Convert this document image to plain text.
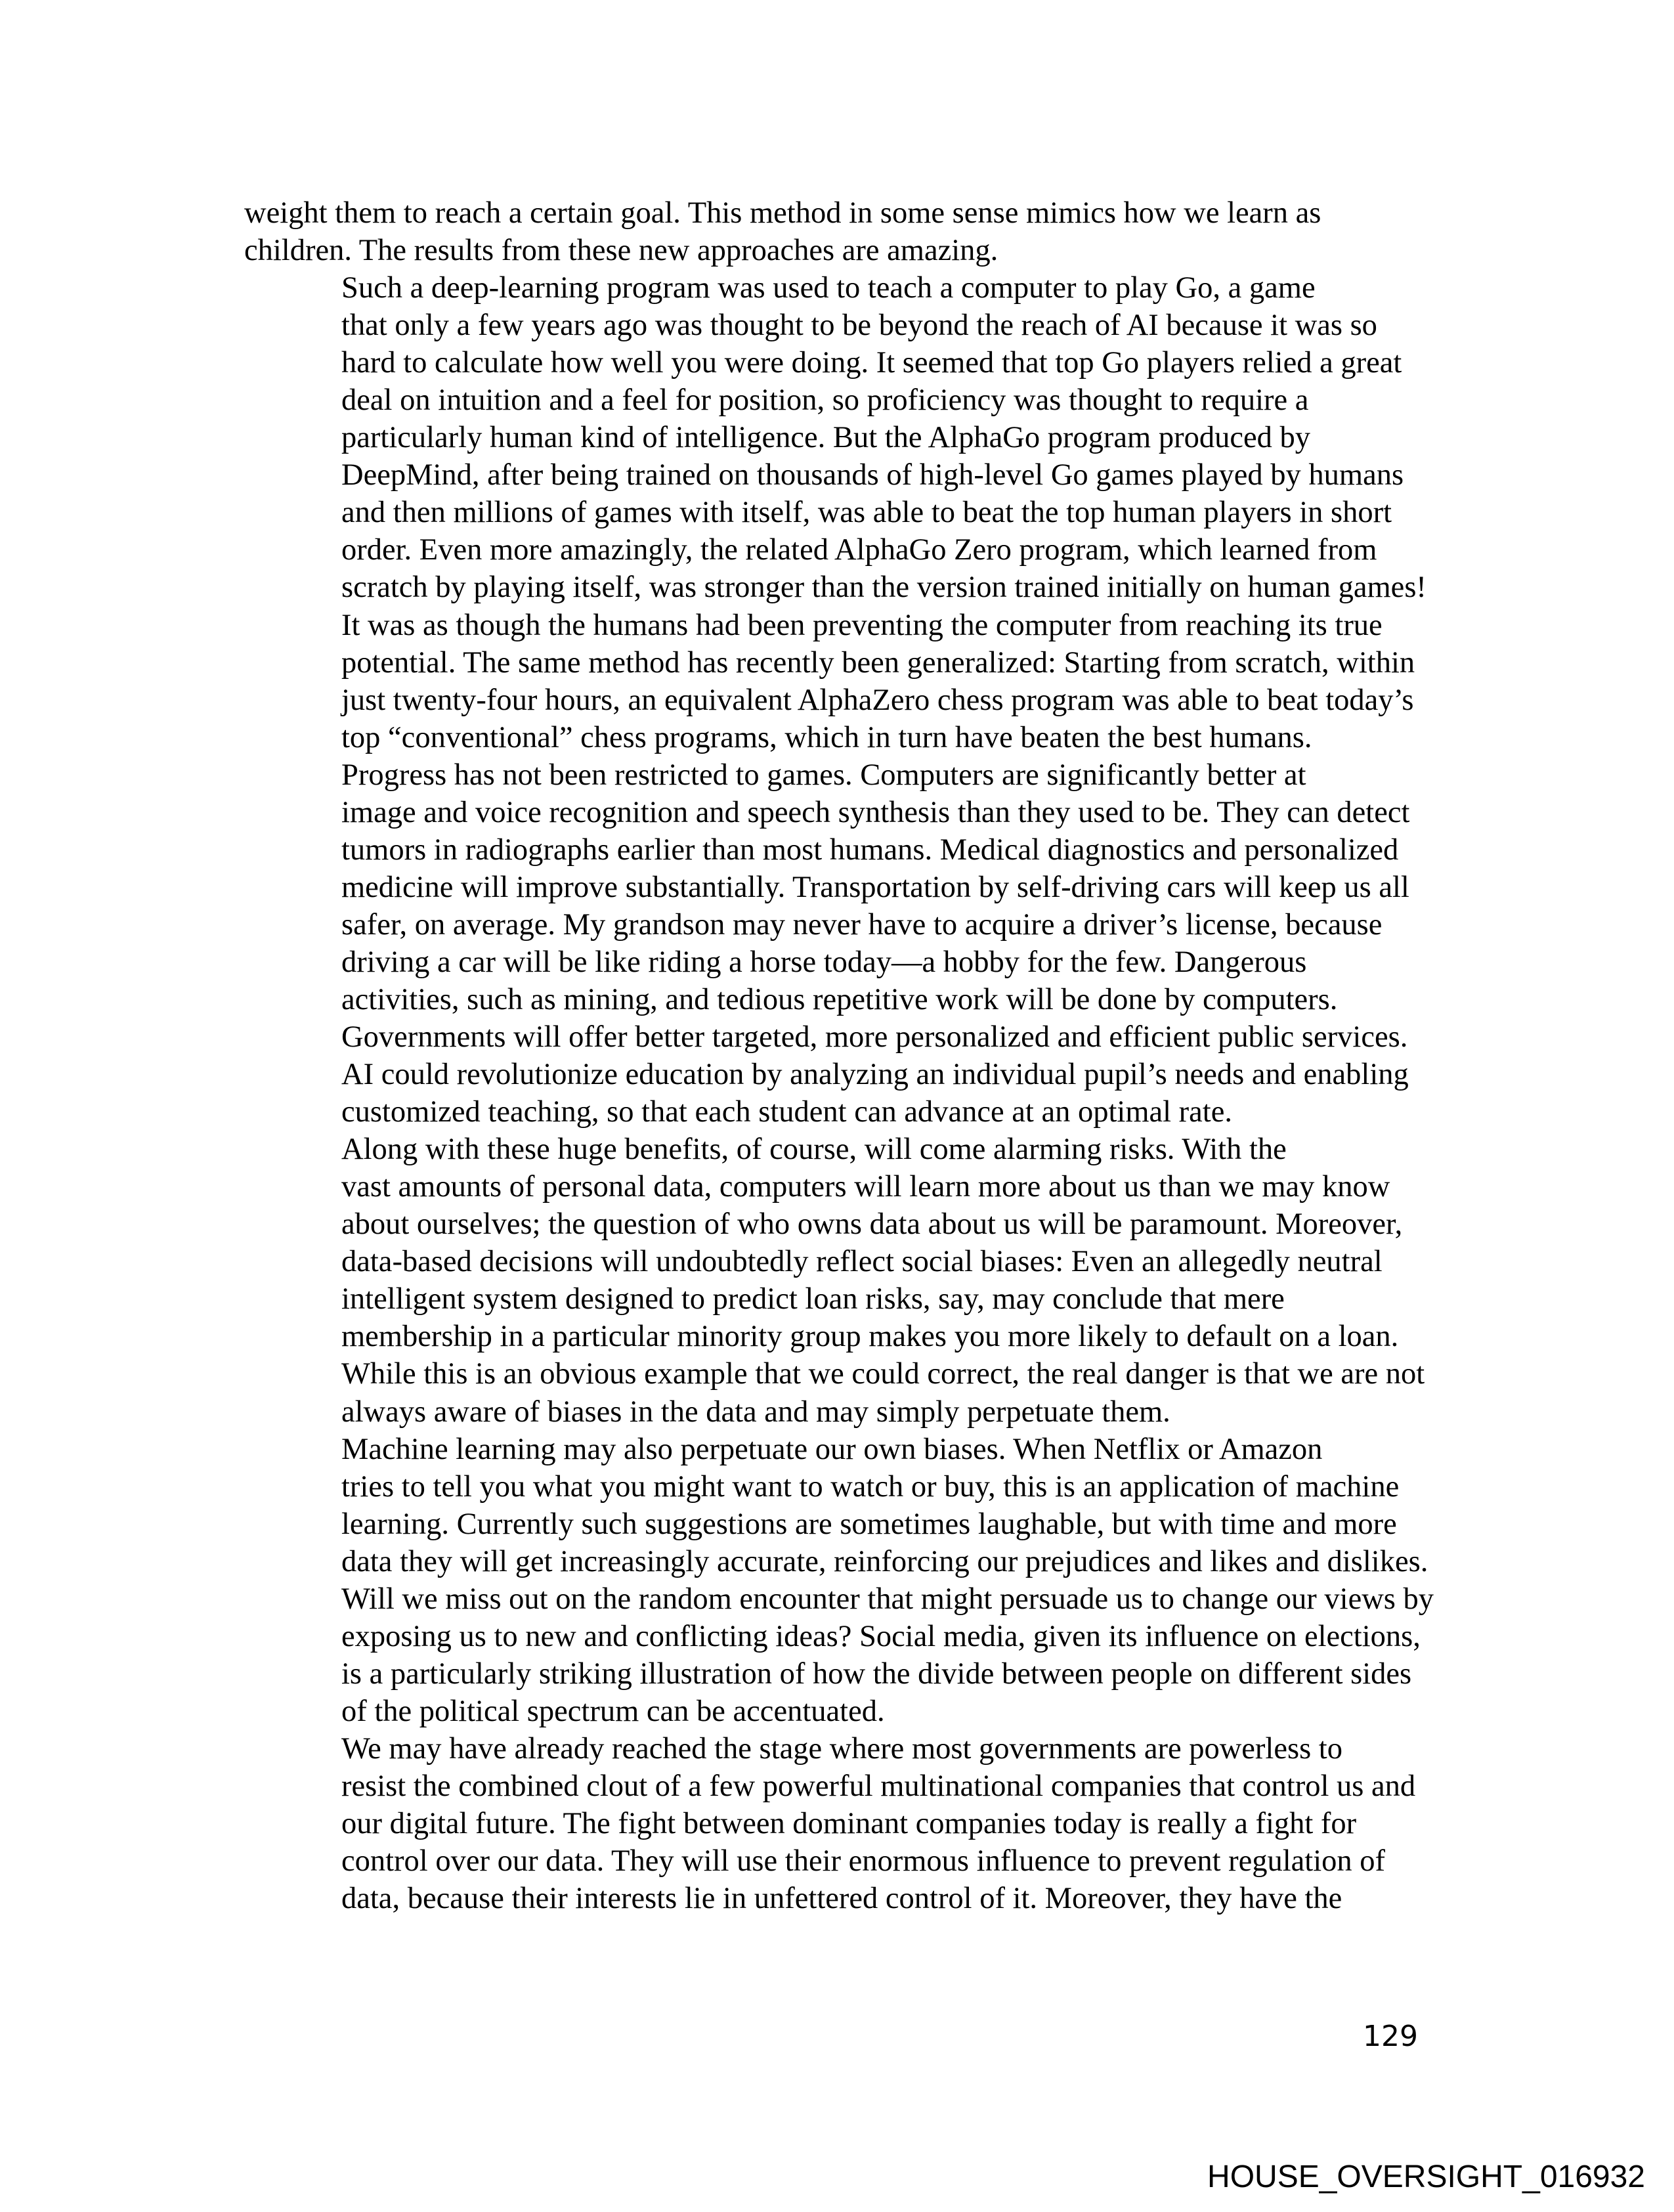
weight them to reach a certain goal. This method in some sense mimics how we learn as
children. The results from these new approaches are amazing.

Such a deep-learning program was used to teach a computer to play Go, a game
that only a few years ago was thought to be beyond the reach of AI because it was so
hard to calculate how well you were doing. It seemed that top Go players relied a great
deal on intuition and a feel for position, so proficiency was thought to require a
particularly human kind of intelligence. But the AlphaGo program produced by
DeepMind, after being trained on thousands of high-level Go games played by humans
and then millions of games with itself, was able to beat the top human players in short
order. Even more amazingly, the related AlphaGo Zero program, which learned from
scratch by playing itself, was stronger than the version trained initially on human games!
It was as though the humans had been preventing the computer from reaching its true
potential. The same method has recently been generalized: Starting from scratch, within
just twenty-four hours, an equivalent AlphaZero chess program was able to beat today’s
top “conventional” chess programs, which in turn have beaten the best humans.

Progress has not been restricted to games. Computers are significantly better at
image and voice recognition and speech synthesis than they used to be. They can detect
tumors in radiographs earlier than most humans. Medical diagnostics and personalized
medicine will improve substantially. Transportation by self-driving cars will keep us all
safer, on average. My grandson may never have to acquire a driver’s license, because
driving a car will be like riding a horse today—a hobby for the few. Dangerous
activities, such as mining, and tedious repetitive work will be done by computers.
Governments will offer better targeted, more personalized and efficient public services.
AI could revolutionize education by analyzing an individual pupil’s needs and enabling
customized teaching, so that each student can advance at an optimal rate.

Along with these huge benefits, of course, will come alarming risks. With the
vast amounts of personal data, computers will learn more about us than we may know
about ourselves; the question of who owns data about us will be paramount. Moreover,
data-based decisions will undoubtedly reflect social biases: Even an allegedly neutral
intelligent system designed to predict loan risks, say, may conclude that mere
membership in a particular minority group makes you more likely to default on a loan.
While this is an obvious example that we could correct, the real danger is that we are not
always aware of biases in the data and may simply perpetuate them.

Machine learning may also perpetuate our own biases. When Netflix or Amazon
tries to tell you what you might want to watch or buy, this is an application of machine
learning. Currently such suggestions are sometimes laughable, but with time and more
data they will get increasingly accurate, reinforcing our prejudices and likes and dislikes.
Will we miss out on the random encounter that might persuade us to change our views by
exposing us to new and conflicting ideas? Social media, given its influence on elections,
is a particularly striking illustration of how the divide between people on different sides
of the political spectrum can be accentuated.

We may have already reached the stage where most governments are powerless to
resist the combined clout of a few powerful multinational companies that control us and
our digital future. The fight between dominant companies today is really a fight for
control over our data. They will use their enormous influence to prevent regulation of
data, because their interests lie in unfettered control of it. Moreover, they have the

129
HOUSE_OVERSIGHT_016932
